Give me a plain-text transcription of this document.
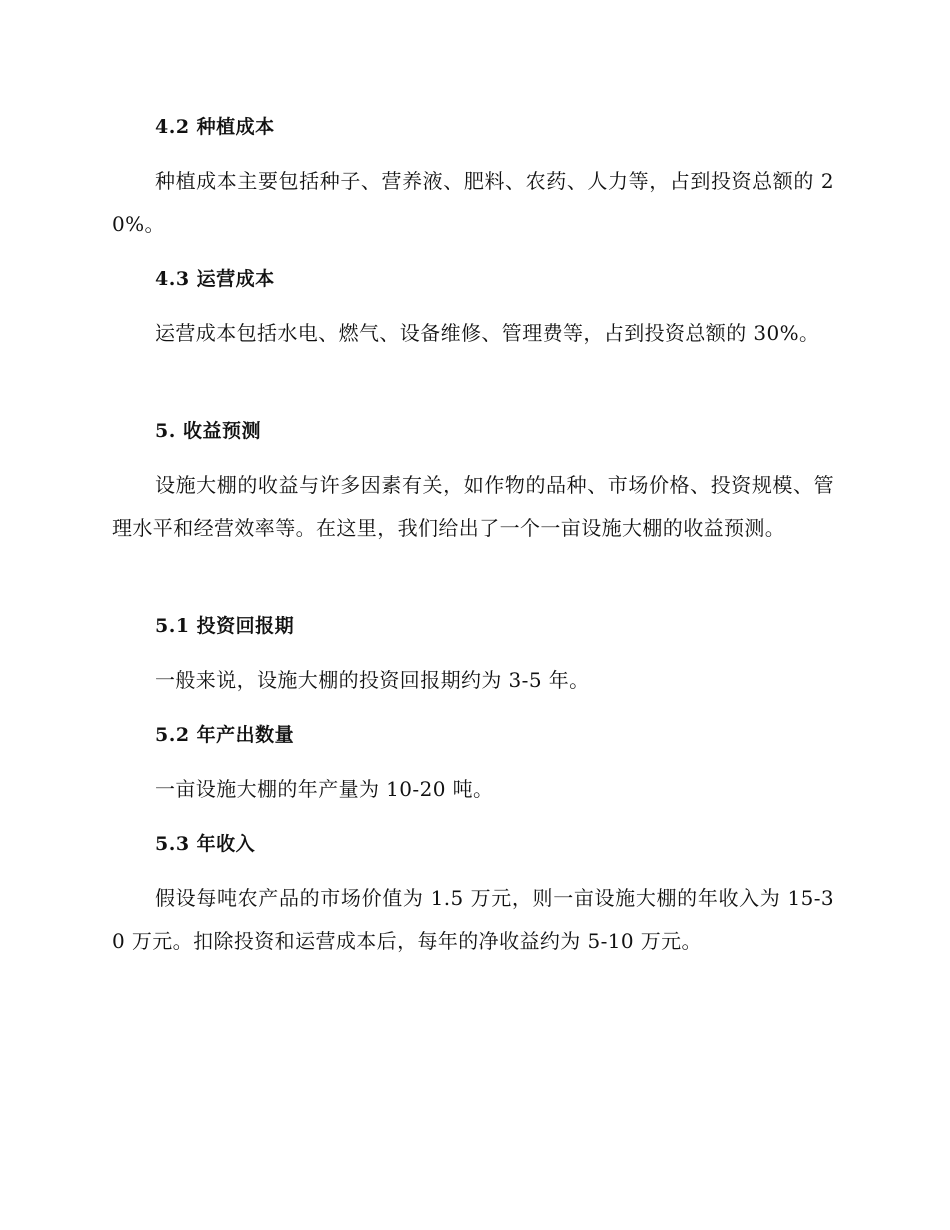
4.2 种植成本

种植成本主要包括种子、营养液、肥料、农药、人力等，占到投资总额的 20%。

4.3 运营成本

运营成本包括水电、燃气、设备维修、管理费等，占到投资总额的 30%。

5. 收益预测

设施大棚的收益与许多因素有关，如作物的品种、市场价格、投资规模、管理水平和经营效率等。在这里，我们给出了一个一亩设施大棚的收益预测。

5.1 投资回报期

一般来说，设施大棚的投资回报期约为 3-5 年。

5.2 年产出数量

一亩设施大棚的年产量为 10-20 吨。

5.3 年收入

假设每吨农产品的市场价值为 1.5 万元，则一亩设施大棚的年收入为 15-30 万元。扣除投资和运营成本后，每年的净收益约为 5-10 万元。
